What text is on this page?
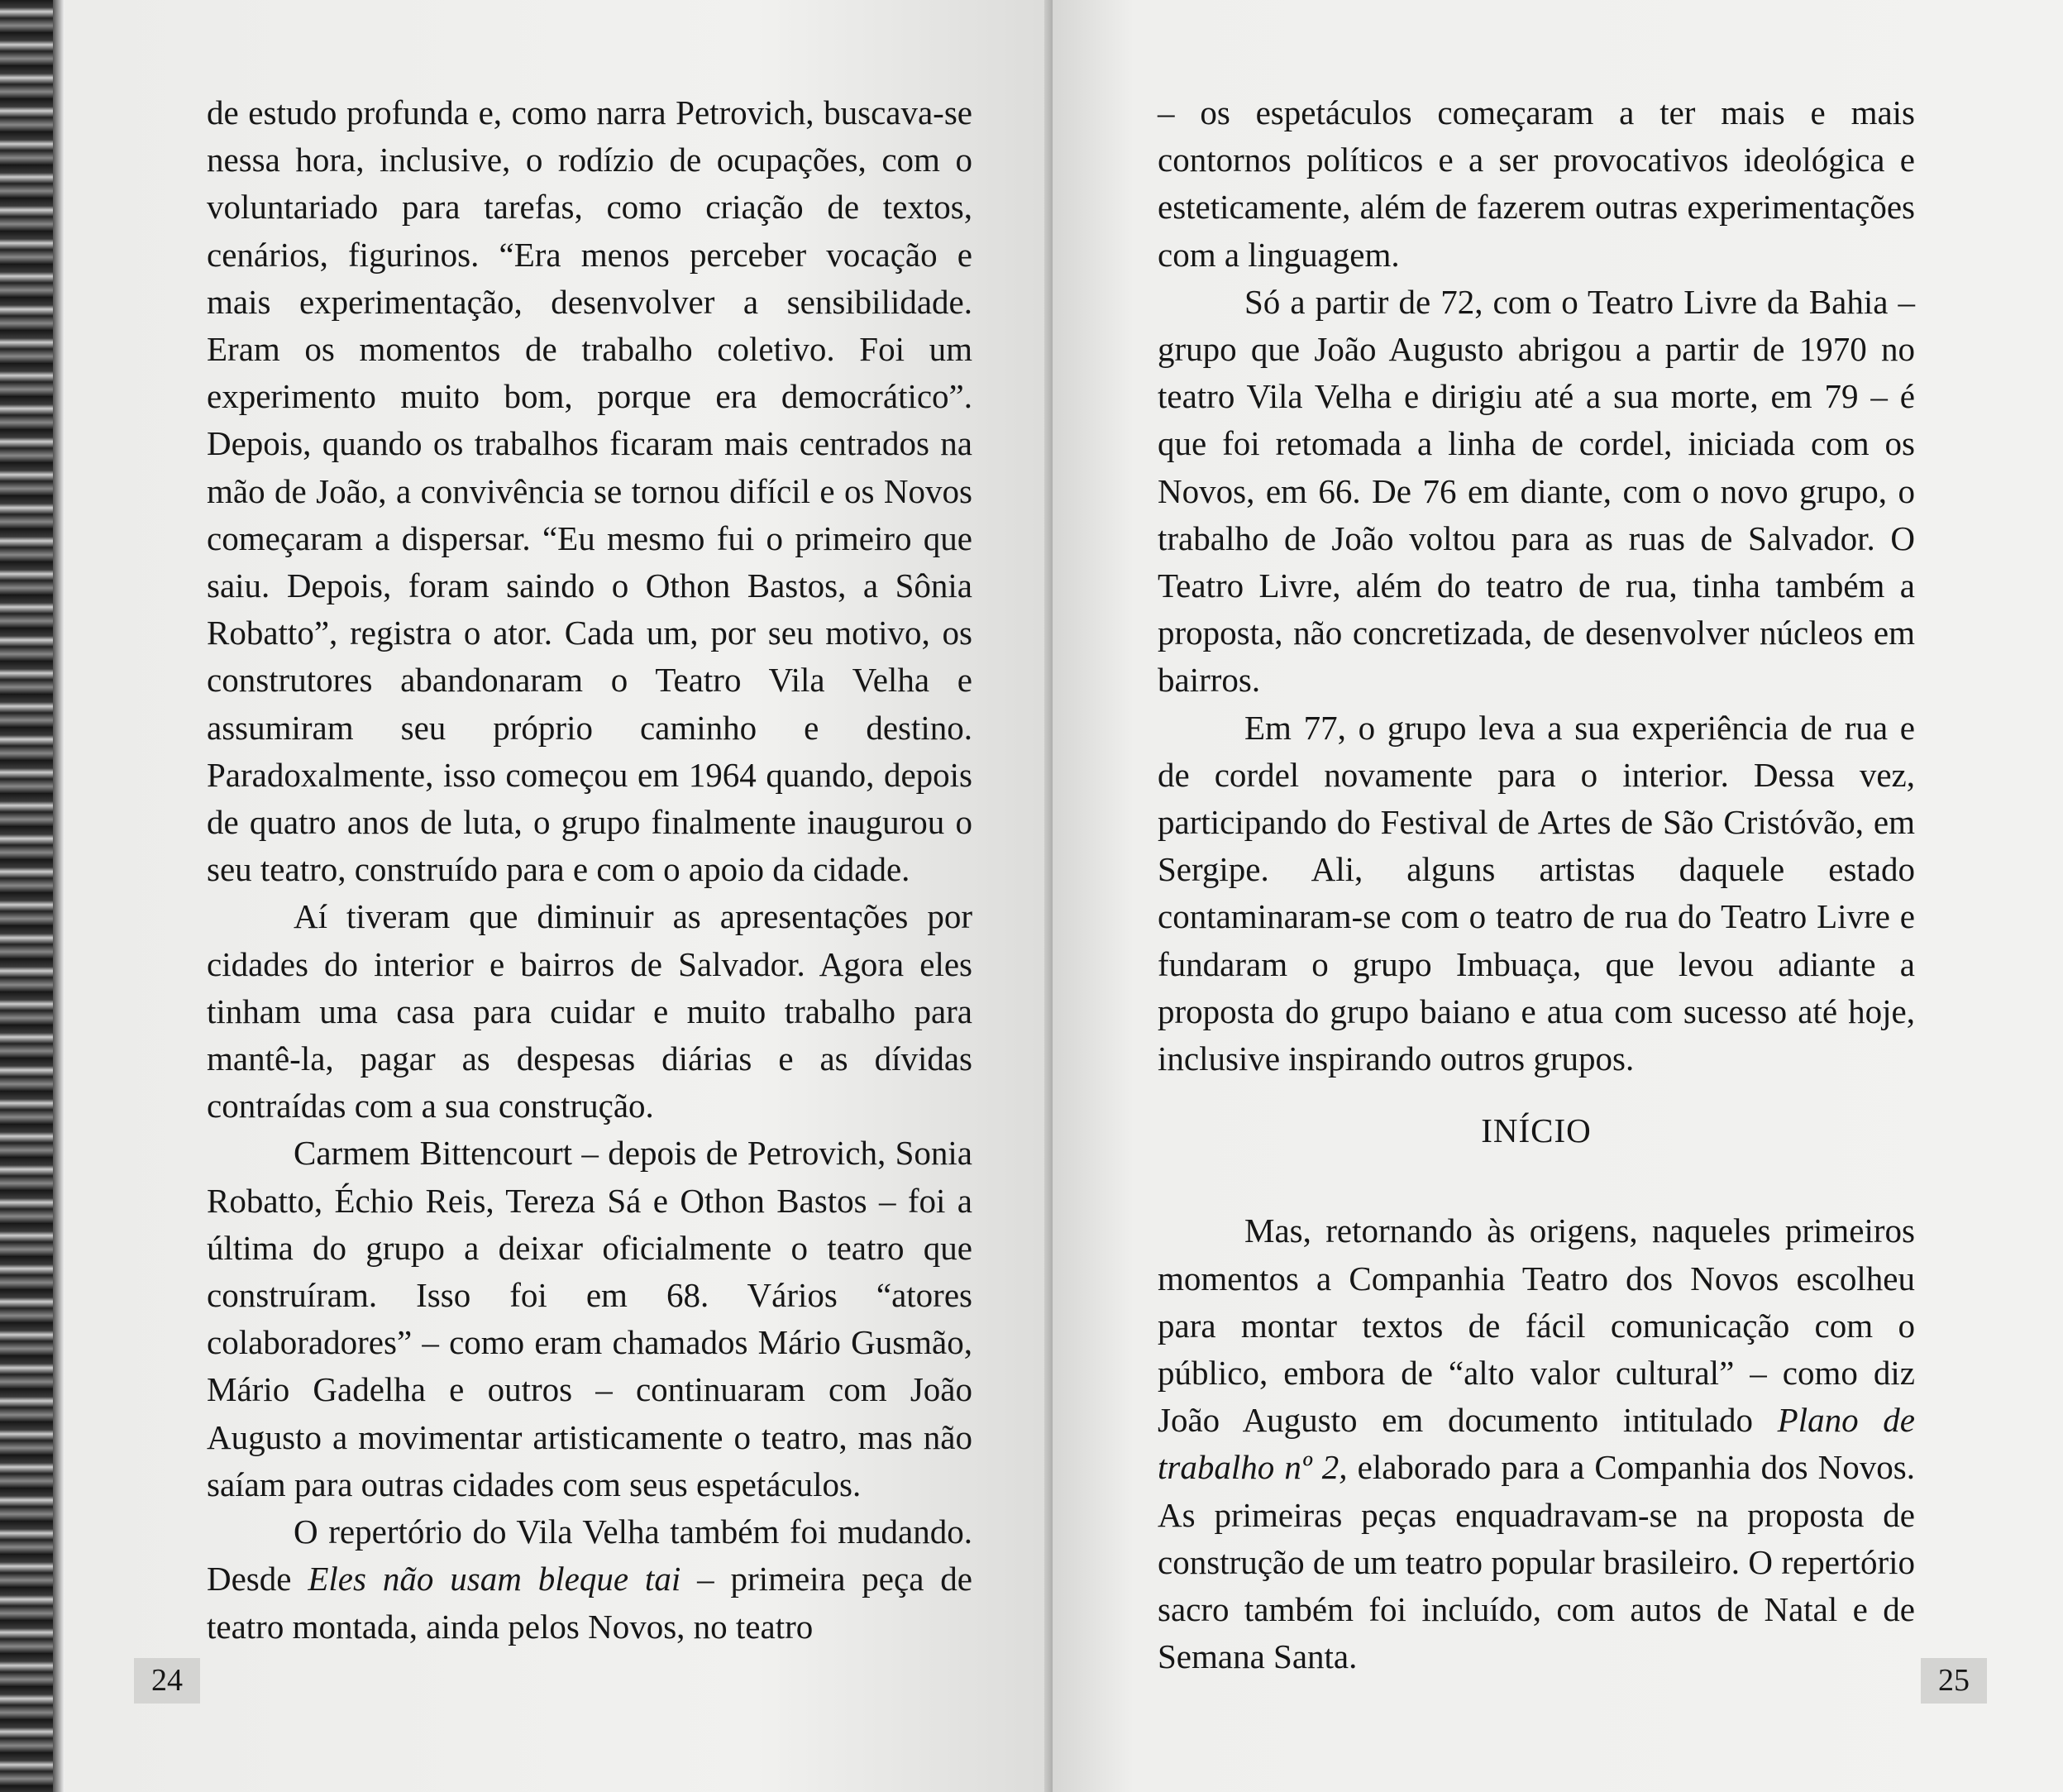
de estudo profunda e, como narra Petrovich, buscava-se nessa hora, inclusive, o rodízio de ocupações, com o voluntariado para tarefas, como criação de textos, cenários, figurinos. “Era menos perceber vocação e mais experimentação, desenvolver a sensibilidade. Eram os momentos de trabalho coletivo. Foi um experimento muito bom, porque era democrático”. Depois, quando os trabalhos ficaram mais centrados na mão de João, a convivência se tornou difícil e os Novos começaram a dispersar. “Eu mesmo fui o primeiro que saiu. Depois, foram saindo o Othon Bastos, a Sônia Robatto”, registra o ator. Cada um, por seu motivo, os construtores abandonaram o Teatro Vila Velha e assumiram seu próprio caminho e destino. Paradoxalmente, isso começou em 1964 quando, depois de quatro anos de luta, o grupo finalmente inaugurou o seu teatro, construído para e com o apoio da cidade.

Aí tiveram que diminuir as apresentações por cidades do interior e bairros de Salvador. Agora eles tinham uma casa para cuidar e muito trabalho para mantê-la, pagar as despesas diárias e as dívidas contraídas com a sua construção.

Carmem Bittencourt – depois de Petrovich, Sonia Robatto, Échio Reis, Tereza Sá e Othon Bastos – foi a última do grupo a deixar oficialmente o teatro que construíram. Isso foi em 68. Vários “atores colaboradores” – como eram chamados Mário Gusmão, Mário Gadelha e outros – continuaram com João Augusto a movimentar artisticamente o teatro, mas não saíam para outras cidades com seus espetáculos.

O repertório do Vila Velha também foi mudando. Desde Eles não usam bleque tai – primeira peça de teatro montada, ainda pelos Novos, no teatro

24

– os espetáculos começaram a ter mais e mais contornos políticos e a ser provocativos ideológica e esteticamente, além de fazerem outras experimentações com a linguagem.

Só a partir de 72, com o Teatro Livre da Bahia – grupo que João Augusto abrigou a partir de 1970 no teatro Vila Velha e dirigiu até a sua morte, em 79 – é que foi retomada a linha de cordel, iniciada com os Novos, em 66. De 76 em diante, com o novo grupo, o trabalho de João voltou para as ruas de Salvador. O Teatro Livre, além do teatro de rua, tinha também a proposta, não concretizada, de desenvolver núcleos em bairros.

Em 77, o grupo leva a sua experiência de rua e de cordel novamente para o interior. Dessa vez, participando do Festival de Artes de São Cristóvão, em Sergipe. Ali, alguns artistas daquele estado contaminaram-se com o teatro de rua do Teatro Livre e fundaram o grupo Imbuaça, que levou adiante a proposta do grupo baiano e atua com sucesso até hoje, inclusive inspirando outros grupos.

INÍCIO

Mas, retornando às origens, naqueles primeiros momentos a Companhia Teatro dos Novos escolheu para montar textos de fácil comunicação com o público, embora de “alto valor cultural” – como diz João Augusto em documento intitulado Plano de trabalho nº 2, elaborado para a Companhia dos Novos. As primeiras peças enquadravam-se na proposta de construção de um teatro popular brasileiro. O repertório sacro também foi incluído, com autos de Natal e de Semana Santa.

25
